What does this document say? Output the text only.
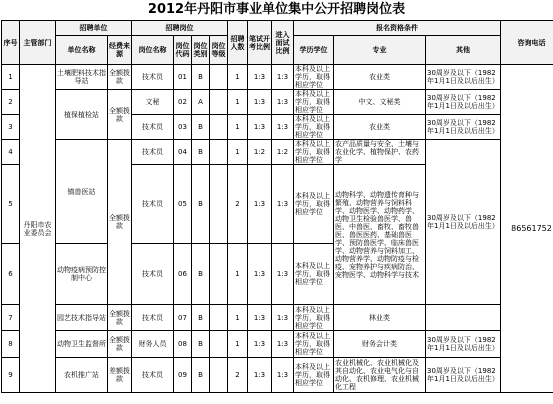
2012年丹阳市事业单位集中公开招聘岗位表
序号	主管部门	招聘单位		招聘岗位				招聘人数	笔试开考比例	进入面试比例	报名资格条件			咨询电话
		单位名称	经费来源	岗位名称	岗位代码	岗位类别	岗位等级				学历学位	专业	其他	
1	丹阳市农业委员会	土壤肥料技术指导站	全额拨款	技术员	01	B		1	1:3	1:3	本科及以上学历，取得相应学位	农业类	30周岁及以下（1982年1月1日及以后出生）	86561752
2		植保植检站	全额拨款	文秘	02	A		1	1:3	1:3	本科及以上学历，取得相应学位	中文、文秘类	30周岁及以下（1982年1月1日及以后出生）	
3				技术员	03	B		1	1:3	1:3	本科及以上学历，取得相应学位	农业类	30周岁及以下（1982年1月1日及以后出生）	
4		镇兽医站	全额拨款	技术员	04	B		1	1:2	1:2	本科及以上学历，取得相应学位	农产品质量与安全、土壤与农业化学、植物保护、农药学	30周岁及以下（1982年1月1日及以后出生）	
5				技术员	05	B		2	1:3	1:3	本科及以上学历，取得相应学位	动物科学、动物遗传育种与繁殖、动物营养与饲料科学、动物医学、动物药学、动物卫生检验兽医学、兽医、中兽医、畜牧、畜牧兽医、兽医医药、基础兽医学、预防兽医学、临床兽医学、动物营养与饲料加工、动物营养学、动物防疫与检疫、宠物养护与疾病防治、宠物医学、动物科学与技术		
6		动物疫病预防控制中心		技术员	06	B		1	1:3	1:3	本科及以上学历，取得相应学位			
7		园艺技术指导站	全额拨款	技术员	07	B		1	1:3	1:3	本科及以上学历，取得相应学位	林业类		
8		动物卫生监督所	全额拨款	财务人员	08	B		1	1:3	1:3	本科及以上学历，取得相应学位	财务会计类	30周岁及以下（1982年1月1日及以后出生）	
9		农机推广站	差额拨款	技术员	09	B		2	1:3	1:3	本科及以上学历，取得相应学位	农业机械化、农业机械化及其自动化、农业电气化与自动化、农机修理、农业机械化工程	30周岁及以下（1982年1月1日及以后出生）	
